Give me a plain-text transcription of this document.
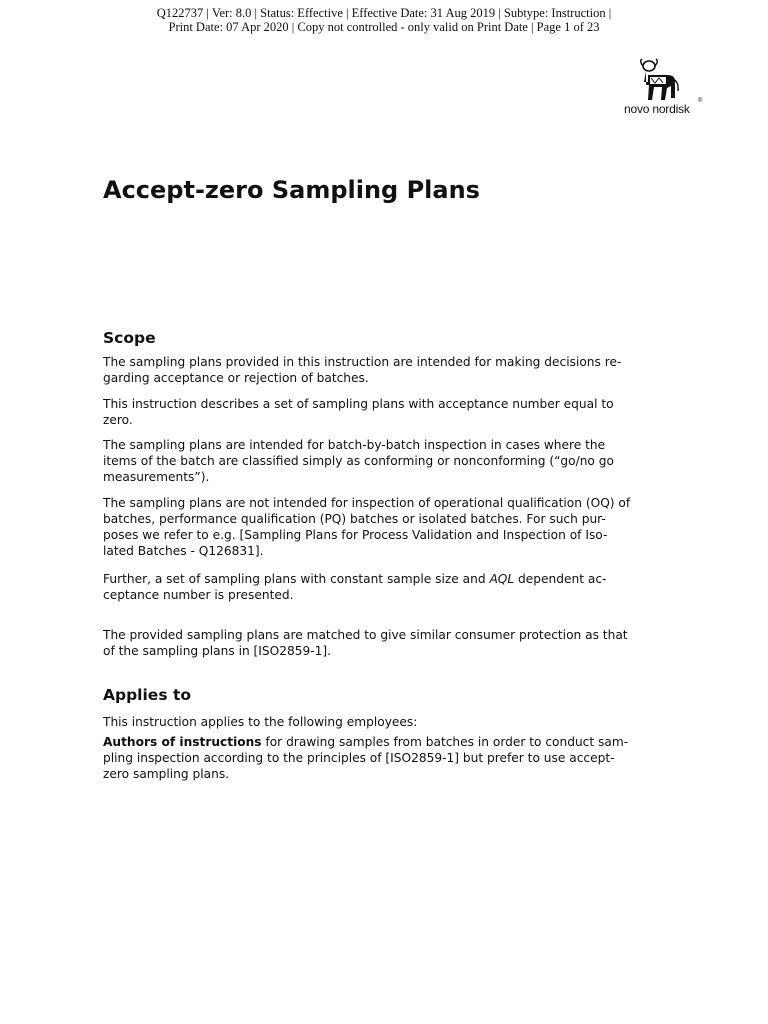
Q122737 | Ver: 8.0 | Status: Effective | Effective Date: 31 Aug 2019 | Subtype: Instruction |
Print Date: 07 Apr 2020 | Copy not controlled - only valid on Print Date | Page 1 of 23
novo nordisk
®
Accept-zero Sampling Plans
Scope

The sampling plans provided in this instruction are intended for making decisions re-
garding acceptance or rejection of batches.

This instruction describes a set of sampling plans with acceptance number equal to
zero.

The sampling plans are intended for batch-by-batch inspection in cases where the
items of the batch are classified simply as conforming or nonconforming (“go/no go
measurements”).

The sampling plans are not intended for inspection of operational qualification (OQ) of
batches, performance qualification (PQ) batches or isolated batches. For such pur-
poses we refer to e.g. [Sampling Plans for Process Validation and Inspection of Iso-
lated Batches - Q126831].

Further, a set of sampling plans with constant sample size and AQL dependent ac-
ceptance number is presented.

The provided sampling plans are matched to give similar consumer protection as that
of the sampling plans in [ISO2859-1].

Applies to

This instruction applies to the following employees:

Authors of instructions for drawing samples from batches in order to conduct sam-
pling inspection according to the principles of [ISO2859-1] but prefer to use accept-
zero sampling plans.
